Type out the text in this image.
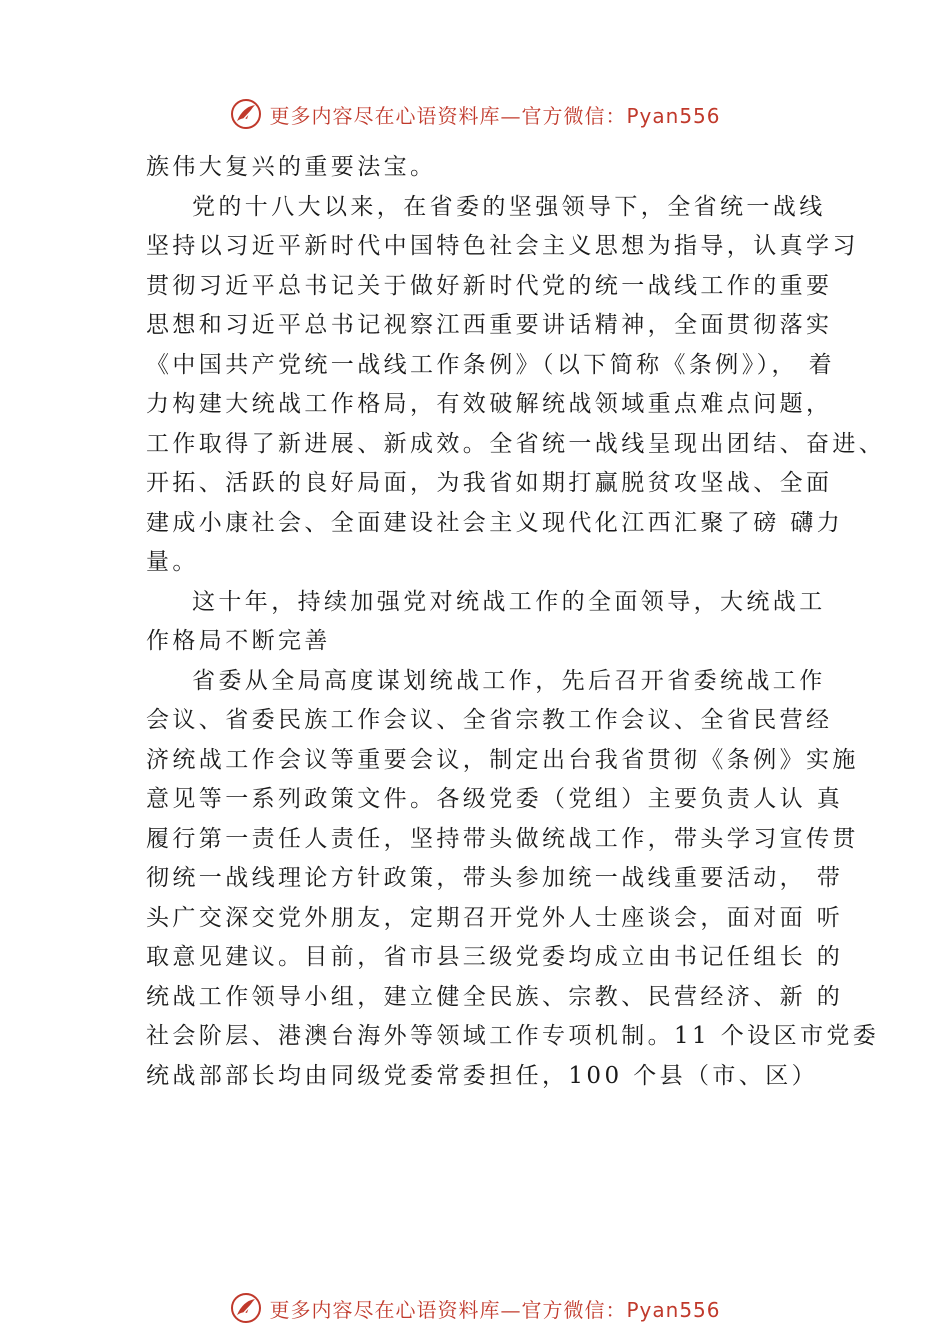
更多内容尽在心语资料库—官方微信：Pyan556
族伟大复兴的重要法宝。
党的十八大以来，在省委的坚强领导下，全省统一战线
坚持以习近平新时代中国特色社会主义思想为指导，认真学习
贯彻习近平总书记关于做好新时代党的统一战线工作的重要
思想和习近平总书记视察江西重要讲话精神，全面贯彻落实
《中国共产党统一战线工作条例》（以下简称《条例》）， 着
力构建大统战工作格局，有效破解统战领域重点难点问题，
工作取得了新进展、新成效。全省统一战线呈现出团结、奋进、
开拓、活跃的良好局面，为我省如期打赢脱贫攻坚战、全面
建成小康社会、全面建设社会主义现代化江西汇聚了磅 礴力
量。
这十年，持续加强党对统战工作的全面领导，大统战工
作格局不断完善
省委从全局高度谋划统战工作，先后召开省委统战工作
会议、省委民族工作会议、全省宗教工作会议、全省民营经
济统战工作会议等重要会议，制定出台我省贯彻《条例》实施
意见等一系列政策文件。各级党委（党组）主要负责人认 真
履行第一责任人责任，坚持带头做统战工作，带头学习宣传贯
彻统一战线理论方针政策，带头参加统一战线重要活动， 带
头广交深交党外朋友，定期召开党外人士座谈会，面对面 听
取意见建议。目前，省市县三级党委均成立由书记任组长 的
统战工作领导小组，建立健全民族、宗教、民营经济、新 的
社会阶层、港澳台海外等领域工作专项机制。11 个设区市党委
统战部部长均由同级党委常委担任，100 个县（市、区）
更多内容尽在心语资料库—官方微信：Pyan556
